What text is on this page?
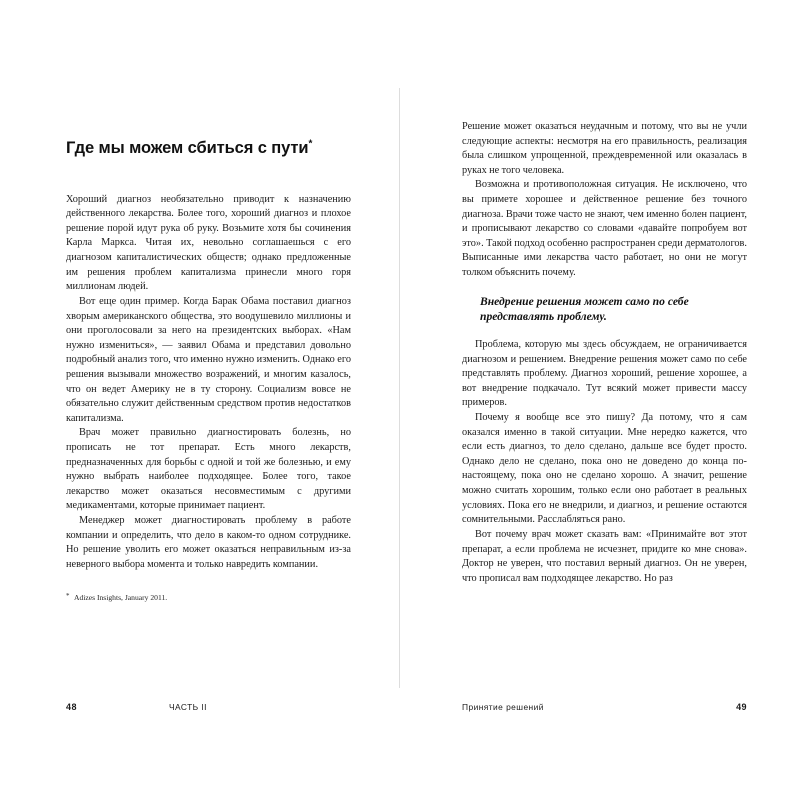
Где мы можем сбиться с пути*

Хороший диагноз необязательно приводит к назначению действенного лекарства. Более того, хороший диагноз и плохое решение порой идут рука об руку. Возьмите хотя бы сочинения Карла Маркса. Читая их, невольно соглашаешься с его диагнозом капиталистических обществ; однако предложенные им решения проблем капитализма принесли много горя миллионам людей.

Вот еще один пример. Когда Барак Обама поставил диагноз хворым американского общества, это воодушевило миллионы и они проголосовали за него на президентских выборах. «Нам нужно измениться», — заявил Обама и представил довольно подробный анализ того, что именно нужно изменить. Однако его решения вызывали множество возражений, и многим казалось, что он ведет Америку не в ту сторону. Социализм вовсе не обязательно служит действенным средством против недостатков капитализма.

Врач может правильно диагностировать болезнь, но прописать не тот препарат. Есть много лекарств, предназначенных для борьбы с одной и той же болезнью, и ему нужно выбрать наиболее подходящее. Более того, такое лекарство может оказаться несовместимым с другими медикаментами, которые принимает пациент.

Менеджер может диагностировать проблему в работе компании и определить, что дело в каком-то одном сотруднике. Но решение уволить его может оказаться неправильным из-за неверного выбора момента и только навредить компании.

* Adizes Insights, January 2011.

48	ЧАСТЬ II

Решение может оказаться неудачным и потому, что вы не учли следующие аспекты: несмотря на его правильность, реализация была слишком упрощенной, преждевременной или оказалась в руках не того человека.

Возможна и противоположная ситуация. Не исключено, что вы примете хорошее и действенное решение без точного диагноза. Врачи тоже часто не знают, чем именно болен пациент, и прописывают лекарство со словами «давайте попробуем вот это». Такой подход особенно распространен среди дерматологов. Выписанные ими лекарства часто работает, но они не могут толком объяснить почему.

Внедрение решения может само по себе представлять проблему.

Проблема, которую мы здесь обсуждаем, не ограничивается диагнозом и решением. Внедрение решения может само по себе представлять проблему. Диагноз хороший, решение хорошее, а вот внедрение подкачало. Тут всякий может привести массу примеров.

Почему я вообще все это пишу? Да потому, что я сам оказался именно в такой ситуации. Мне нередко кажется, что если есть диагноз, то дело сделано, дальше все будет просто. Однако дело не сделано, пока оно не доведено до конца по-настоящему, пока оно не сделано хорошо. А значит, решение можно считать хорошим, только если оно работает в реальных условиях. Пока его не внедрили, и диагноз, и решение остаются сомнительными. Расслабляться рано.

Вот почему врач может сказать вам: «Принимайте вот этот препарат, а если проблема не исчезнет, придите ко мне снова». Доктор не уверен, что поставил верный диагноз. Он не уверен, что прописал вам подходящее лекарство. Но раз

Принятие решений	49
